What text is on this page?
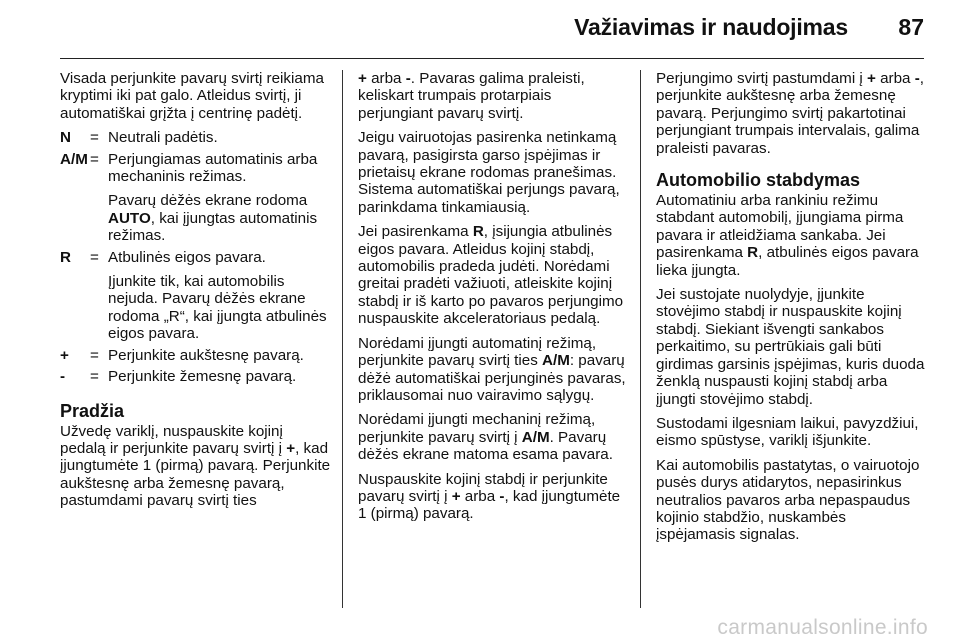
Važiavimas ir naudojimas 87

Visada perjunkite pavarų svirtį reikiama kryptimi iki pat galo. Atleidus svirtį, ji automatiškai grįžta į centrinę padėtį.

N	= Neutrali padėtis.

A/M = Perjungiamas automatinis arba mechaninis režimas.

Pavarų dėžės ekrane rodoma AUTO, kai įjungtas automatinis režimas.

R	= Atbulinės eigos pavara.

Įjunkite tik, kai automobilis nejuda. Pavarų dėžės ekrane rodoma „R“, kai įjungta atbulinės eigos pavara.

+	= Perjunkite aukštesnę pavarą.

-	= Perjunkite žemesnę pavarą.

Pradžia

Užvedę variklį, nuspauskite kojinį pedalą ir perjunkite pavarų svirtį į +, kad įjungtumėte 1 (pirmą) pavarą. Perjunkite aukštesnę arba žemesnę pavarą, pastumdami pavarų svirtį ties

+ arba -. Pavaras galima praleisti, keliskart trumpais protarpiais perjungiant pavarų svirtį.

Jeigu vairuotojas pasirenka netinkamą pavarą, pasigirsta garso įspėjimas ir prietaisų ekrane rodomas pranešimas. Sistema automatiškai perjungs pavarą, parinkdama tinkamiausią.

Jei pasirenkama R, įsijungia atbulinės eigos pavara. Atleidus kojinį stabdį, automobilis pradeda judėti. Norėdami greitai pradėti važiuoti, atleiskite kojinį stabdį ir iš karto po pavaros perjungimo nuspauskite akceleratoriaus pedalą.

Norėdami įjungti automatinį režimą, perjunkite pavarų svirtį ties A/M: pavarų dėžė automatiškai perjunginės pavaras, priklausomai nuo vairavimo sąlygų.

Norėdami įjungti mechaninį režimą, perjunkite pavarų svirtį į A/M. Pavarų dėžės ekrane matoma esama pavara.

Nuspauskite kojinį stabdį ir perjunkite pavarų svirtį į + arba -, kad įjungtumėte 1 (pirmą) pavarą.

Perjungimo svirtį pastumdami į + arba -, perjunkite aukštesnę arba žemesnę pavarą. Perjungimo svirtį pakartotinai perjungiant trumpais intervalais, galima praleisti pavaras.

Automobilio stabdymas

Automatiniu arba rankiniu režimu stabdant automobilį, įjungiama pirma pavara ir atleidžiama sankaba. Jei pasirenkama R, atbulinės eigos pavara lieka įjungta.

Jei sustojate nuolydyje, įjunkite stovėjimo stabdį ir nuspauskite kojinį stabdį. Siekiant išvengti sankabos perkaitimo, su pertrūkiais gali būti girdimas garsinis įspėjimas, kuris duoda ženklą nuspausti kojinį stabdį arba įjungti stovėjimo stabdį.

Sustodami ilgesniam laikui, pavyzdžiui, eismo spūstyse, variklį išjunkite.

Kai automobilis pastatytas, o vairuotojo pusės durys atidarytos, nepasirinkus neutralios pavaros arba nepaspaudus kojinio stabdžio, nuskambės įspėjamasis signalas.

carmanualsonline.info
